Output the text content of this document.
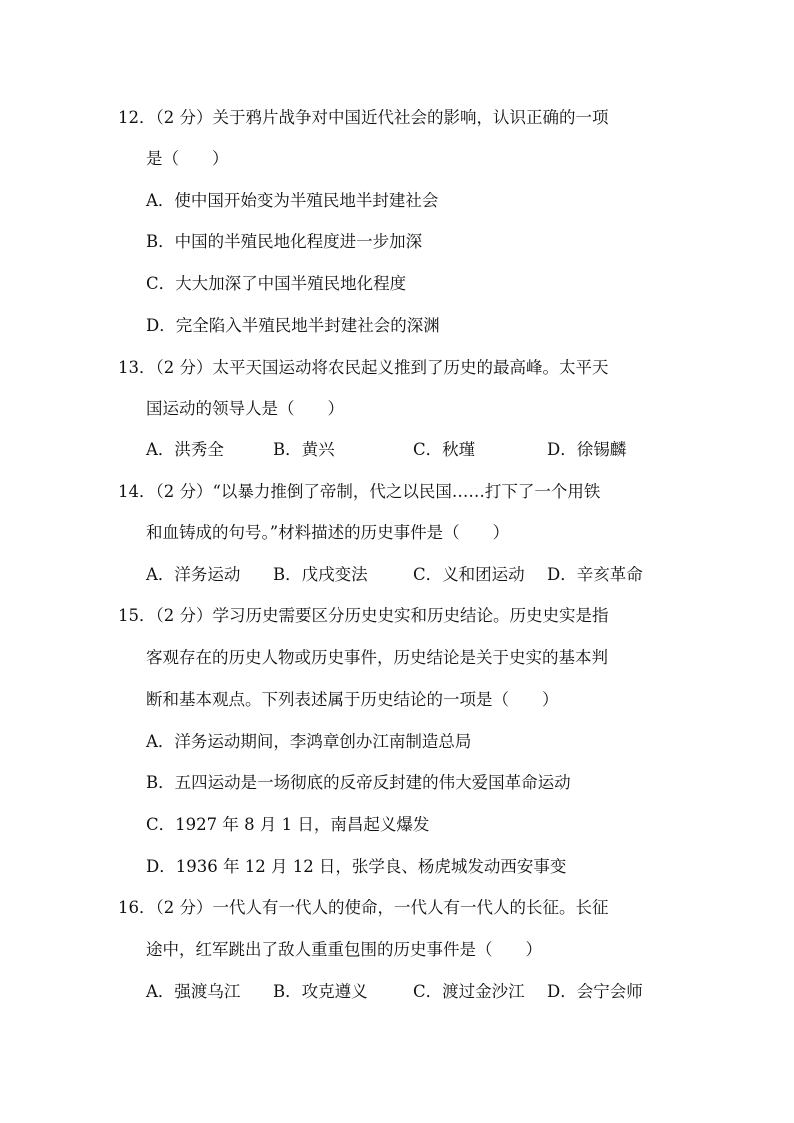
12．（2 分）关于鸦片战争对中国近代社会的影响，认识正确的一项
是（　　）
A．使中国开始变为半殖民地半封建社会
B．中国的半殖民地化程度进一步加深
C．大大加深了中国半殖民地化程度
D．完全陷入半殖民地半封建社会的深渊
13．（2 分）太平天国运动将农民起义推到了历史的最高峰。太平天
国运动的领导人是（　　）
A．洪秀全	B．黄兴	C．秋瑾	D．徐锡麟
14．（2 分）“以暴力推倒了帝制，代之以民国……打下了一个用铁
和血铸成的句号。”材料描述的历史事件是（　　）
A．洋务运动 B．戊戌变法	C．义和团运动 D．辛亥革命
15．（2 分）学习历史需要区分历史史实和历史结论。历史史实是指
客观存在的历史人物或历史事件，历史结论是关于史实的基本判
断和基本观点。下列表述属于历史结论的一项是（　　）
A．洋务运动期间，李鸿章创办江南制造总局
B．五四运动是一场彻底的反帝反封建的伟大爱国革命运动
C．1927 年 8 月 1 日，南昌起义爆发
D．1936 年 12 月 12 日，张学良、杨虎城发动西安事变
16．（2 分）一代人有一代人的使命，一代人有一代人的长征。长征
途中，红军跳出了敌人重重包围的历史事件是（　　）
A．强渡乌江 B．攻克遵义	C．渡过金沙江 D．会宁会师
